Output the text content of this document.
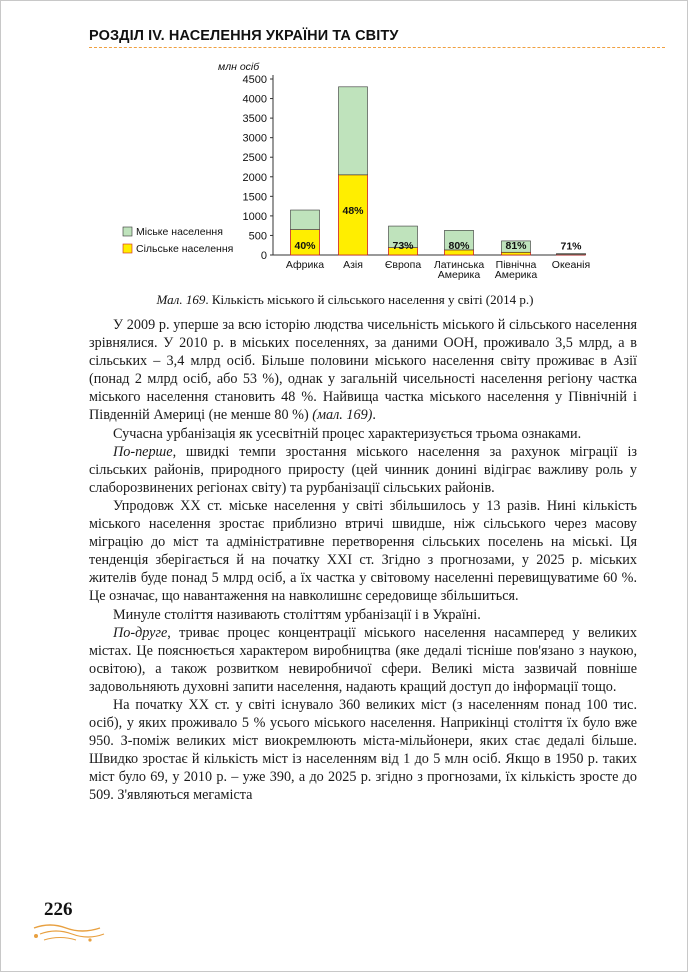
РОЗДІЛ IV. НАСЕЛЕННЯ УКРАЇНИ ТА СВІТУ
млн осіб
0
500
1000
1500
2000
2500
3000
3500
4000
4500
40%
Африка
48%
Азія
73%
Європа
80%
Латинська
Америка
81%
Північна
Америка
71%
Океанія
Міське населення
Сільське населення
Мал. 169. Кількість міського й сільського населення у світі (2014 р.)

У 2009 р. уперше за всю історію людства чисельність міського й сільського населення зрівнялися. У 2010 р. в міських поселеннях, за даними ООН, проживало 3,5 млрд, а в сільських – 3,4 млрд осіб. Більше половини міського населення світу проживає в Азії (понад 2 млрд осіб, або 53 %), однак у загальній чисельності населення регіону частка міського населення становить 48 %. Найвища частка міського населення у Північній і Південній Америці (не менше 80 %) (мал. 169).

Сучасна урбанізація як усесвітній процес характеризується трьома ознаками.

По-перше, швидкі темпи зростання міського населення за рахунок міграції із сільських районів, природного приросту (цей чинник донині відіграє важливу роль у слаборозвинених регіонах світу) та рурбанізації сільських районів.

Упродовж XX ст. міське населення у світі збільшилось у 13 разів. Нині кількість міського населення зростає приблизно втричі швидше, ніж сільського через масову міграцію до міст та адміністративне перетворення сільських поселень на міські. Ця тенденція зберігається й на початку XXI ст. Згідно з прогнозами, у 2025 р. міських жителів буде понад 5 млрд осіб, а їх частка у світовому населенні перевищуватиме 60 %. Це означає, що навантаження на навколишнє середовище збільшиться.

Минуле століття називають століттям урбанізації і в Україні.

По-друге, триває процес концентрації міського населення насамперед у великих містах. Це пояснюється характером виробництва (яке дедалі тісніше пов'язано з наукою, освітою), а також розвитком невиробничої сфери. Великі міста зазвичай повніше задовольняють духовні запити населення, надають кращий доступ до інформації тощо.

На початку XX ст. у світі існувало 360 великих міст (з населенням понад 100 тис. осіб), у яких проживало 5 % усього міського населення. Наприкінці століття їх було вже 950. З-поміж великих міст виокремлюють міста-мільйонери, яких стає дедалі більше. Швидко зростає й кількість міст із населенням від 1 до 5 млн осіб. Якщо в 1950 р. таких міст було 69, у 2010 р. – уже 390, а до 2025 р. згідно з прогнозами, їх кількість зросте до 509. З'являються мегаміста

226
